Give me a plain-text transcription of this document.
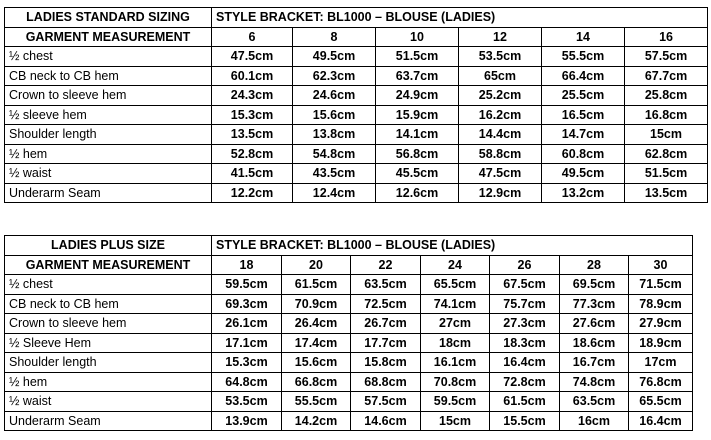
LADIES STANDARD SIZING	STYLE BRACKET: BL1000 – BLOUSE (LADIES)					
GARMENT MEASUREMENT	6	8	10	12	14	16
½ chest	47.5cm	49.5cm	51.5cm	53.5cm	55.5cm	57.5cm
CB neck to CB hem	60.1cm	62.3cm	63.7cm	65cm	66.4cm	67.7cm
Crown to sleeve hem	24.3cm	24.6cm	24.9cm	25.2cm	25.5cm	25.8cm
½ sleeve hem	15.3cm	15.6cm	15.9cm	16.2cm	16.5cm	16.8cm
Shoulder length	13.5cm	13.8cm	14.1cm	14.4cm	14.7cm	15cm
½ hem	52.8cm	54.8cm	56.8cm	58.8cm	60.8cm	62.8cm
½ waist	41.5cm	43.5cm	45.5cm	47.5cm	49.5cm	51.5cm
Underarm Seam	12.2cm	12.4cm	12.6cm	12.9cm	13.2cm	13.5cm
LADIES PLUS SIZE	STYLE BRACKET: BL1000 – BLOUSE (LADIES)						
GARMENT MEASUREMENT	18	20	22	24	26	28	30
½ chest	59.5cm	61.5cm	63.5cm	65.5cm	67.5cm	69.5cm	71.5cm
CB neck to CB hem	69.3cm	70.9cm	72.5cm	74.1cm	75.7cm	77.3cm	78.9cm
Crown to sleeve hem	26.1cm	26.4cm	26.7cm	27cm	27.3cm	27.6cm	27.9cm
½ Sleeve Hem	17.1cm	17.4cm	17.7cm	18cm	18.3cm	18.6cm	18.9cm
Shoulder length	15.3cm	15.6cm	15.8cm	16.1cm	16.4cm	16.7cm	17cm
½ hem	64.8cm	66.8cm	68.8cm	70.8cm	72.8cm	74.8cm	76.8cm
½ waist	53.5cm	55.5cm	57.5cm	59.5cm	61.5cm	63.5cm	65.5cm
Underarm Seam	13.9cm	14.2cm	14.6cm	15cm	15.5cm	16cm	16.4cm
